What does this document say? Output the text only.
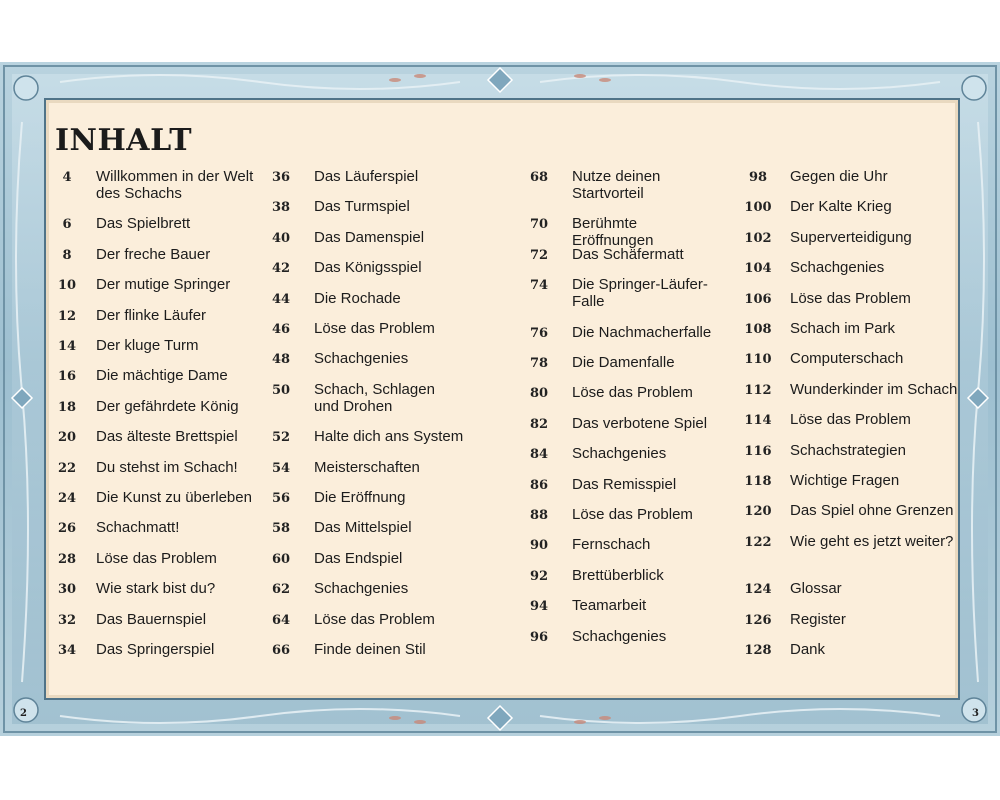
INHALT
4	Willkommen in der Welt des Schachs
6	Das Spielbrett
8	Der freche Bauer
10 Der mutige Springer
12 Der flinke Läufer
14 Der kluge Turm
16 Die mächtige Dame
18 Der gefährdete König
20 Das älteste Brettspiel
22 Du stehst im Schach!
24 Die Kunst zu überleben
26 Schachmatt!
28 Löse das Problem
30 Wie stark bist du?
32 Das Bauernspiel
34 Das Springerspiel
36 Das Läuferspiel
38 Das Turmspiel
40 Das Damenspiel
42 Das Königsspiel
44 Die Rochade
46 Löse das Problem
48 Schachgenies
50 Schach, Schlagen und Drohen
52 Halte dich ans System
54 Meisterschaften
56 Die Eröffnung
58 Das Mittelspiel
60 Das Endspiel
62 Schachgenies
64 Löse das Problem
66 Finde deinen Stil
68 Nutze deinen Startvorteil
70 Berühmte Eröffnungen
72 Das Schäfermatt
74 Die Springer-Läufer-Falle
76 Die Nachmacherfalle
78 Die Damenfalle
80 Löse das Problem
82 Das verbotene Spiel
84 Schachgenies
86 Das Remisspiel
88 Löse das Problem
90 Fernschach
92 Brettüberblick
94 Teamarbeit
96 Schachgenies
98	Gegen die Uhr
100 Der Kalte Krieg
102 Superverteidigung
104 Schachgenies
106 Löse das Problem
108 Schach im Park
110 Computerschach
112 Wunderkinder im Schach
114 Löse das Problem
116 Schachstrategien
118 Wichtige Fragen
120 Das Spiel ohne Grenzen
122 Wie geht es jetzt weiter?
124 Glossar
126 Register
128 Dank
2	3
